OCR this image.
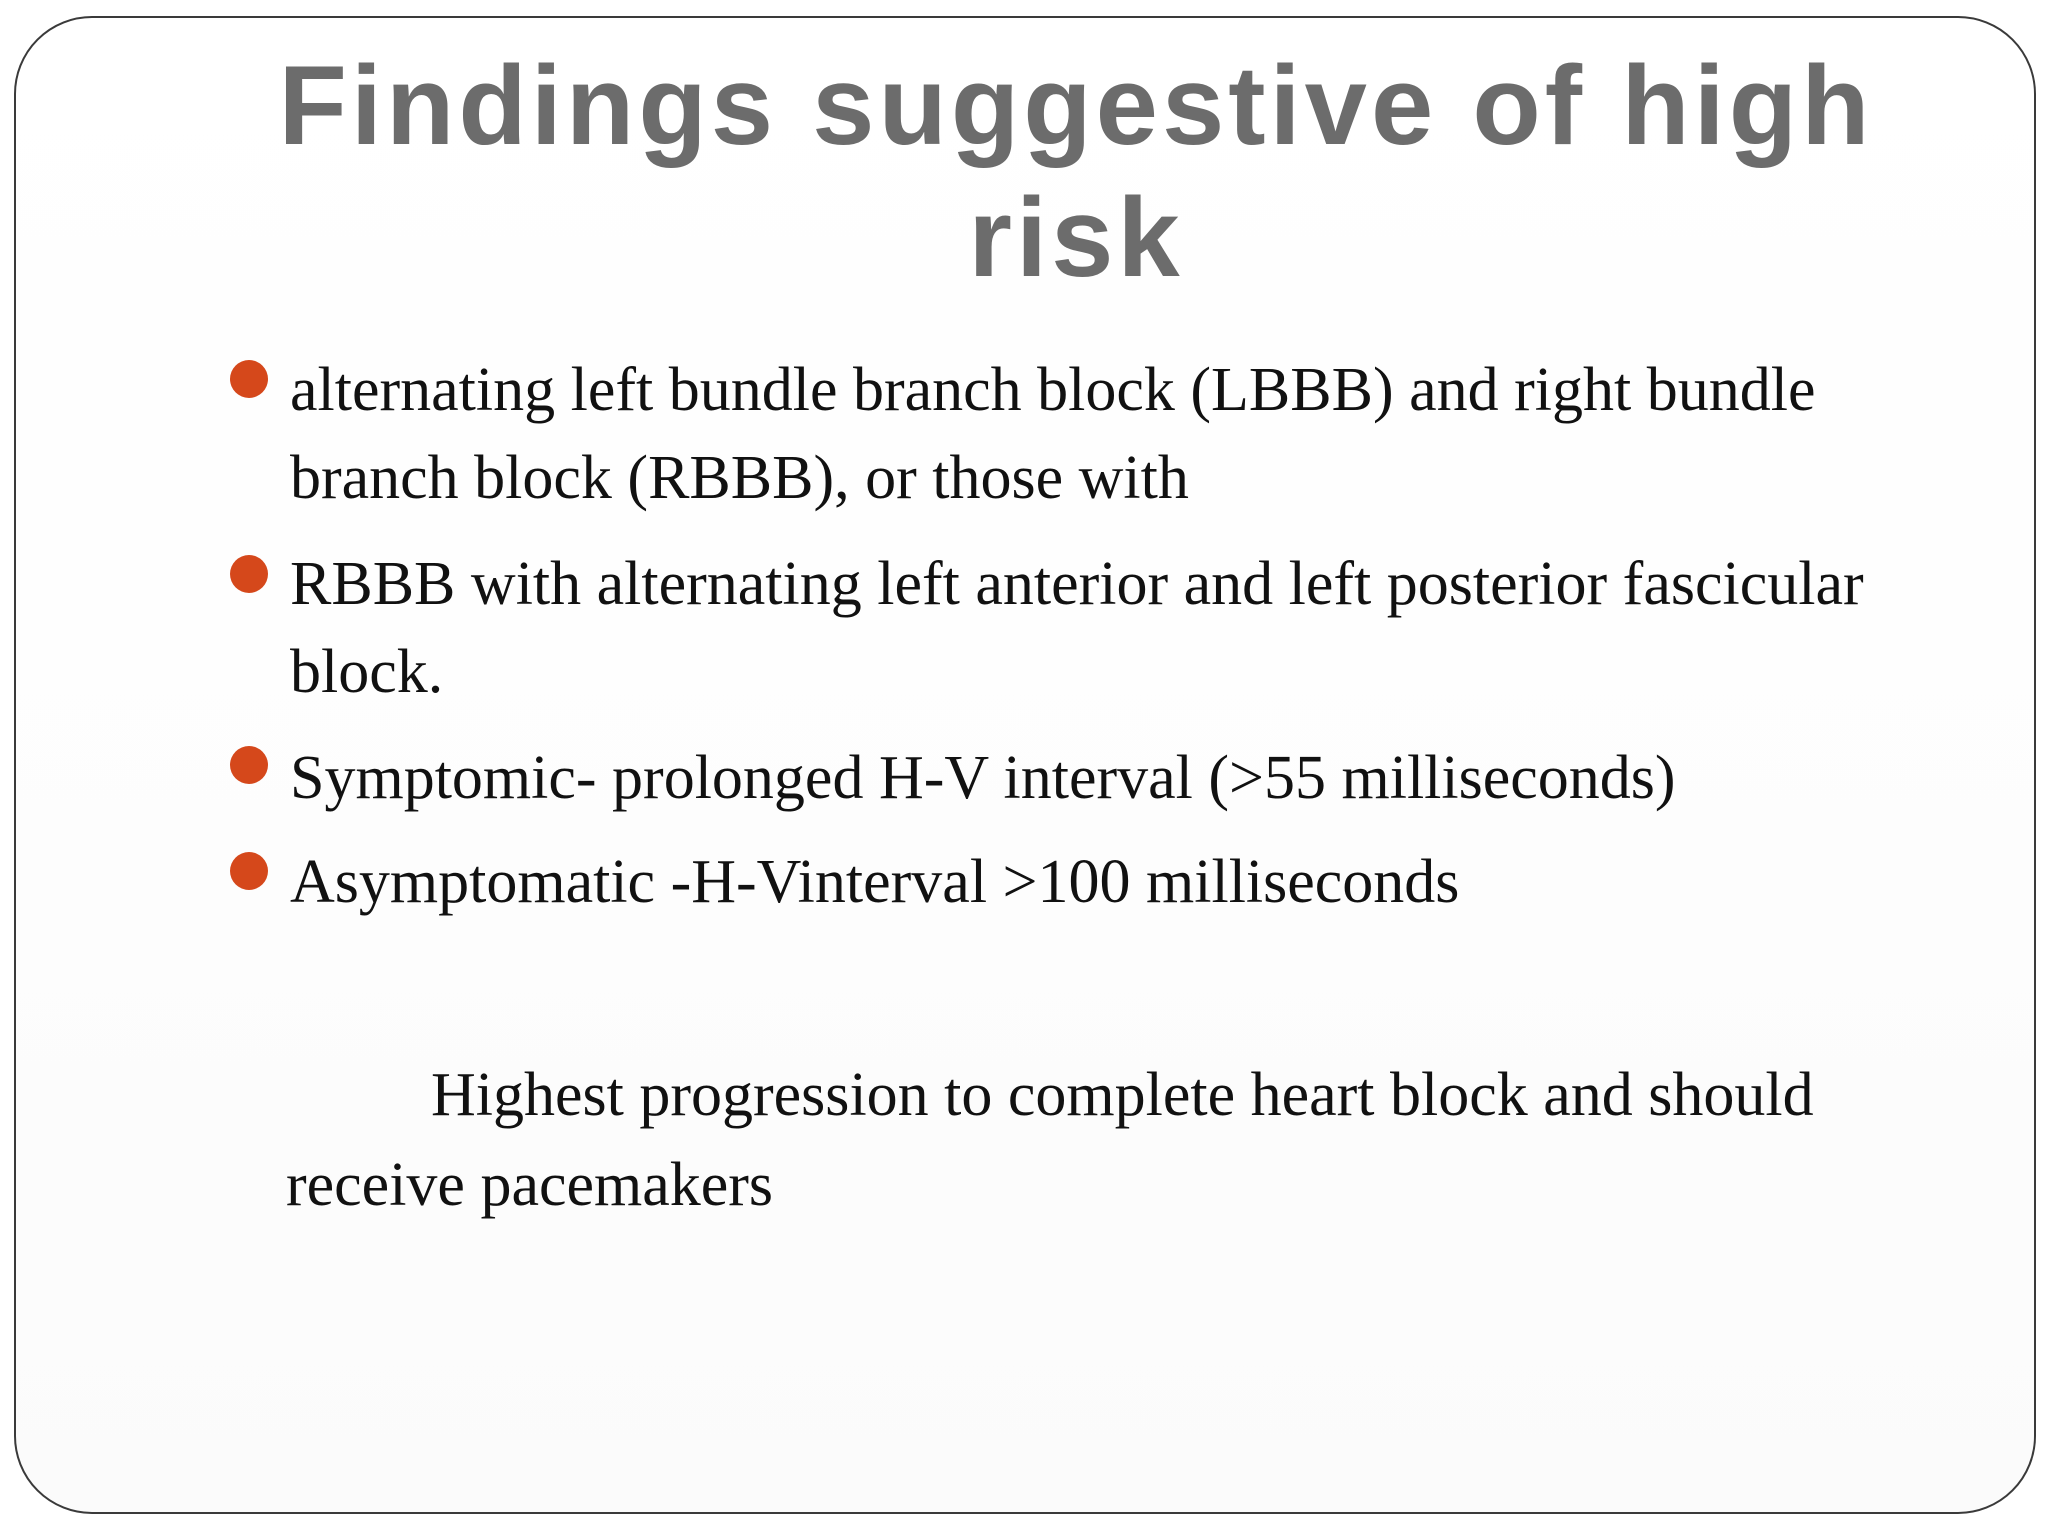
Findings suggestive of high risk
alternating left bundle branch block (LBBB) and right bundle branch block (RBBB), or those with
RBBB with alternating left anterior and left posterior fascicular block.
Symptomic- prolonged H-V interval (>55 milliseconds)
Asymptomatic -H-Vinterval >100 milliseconds

Highest progression to complete heart block and should receive pacemakers
